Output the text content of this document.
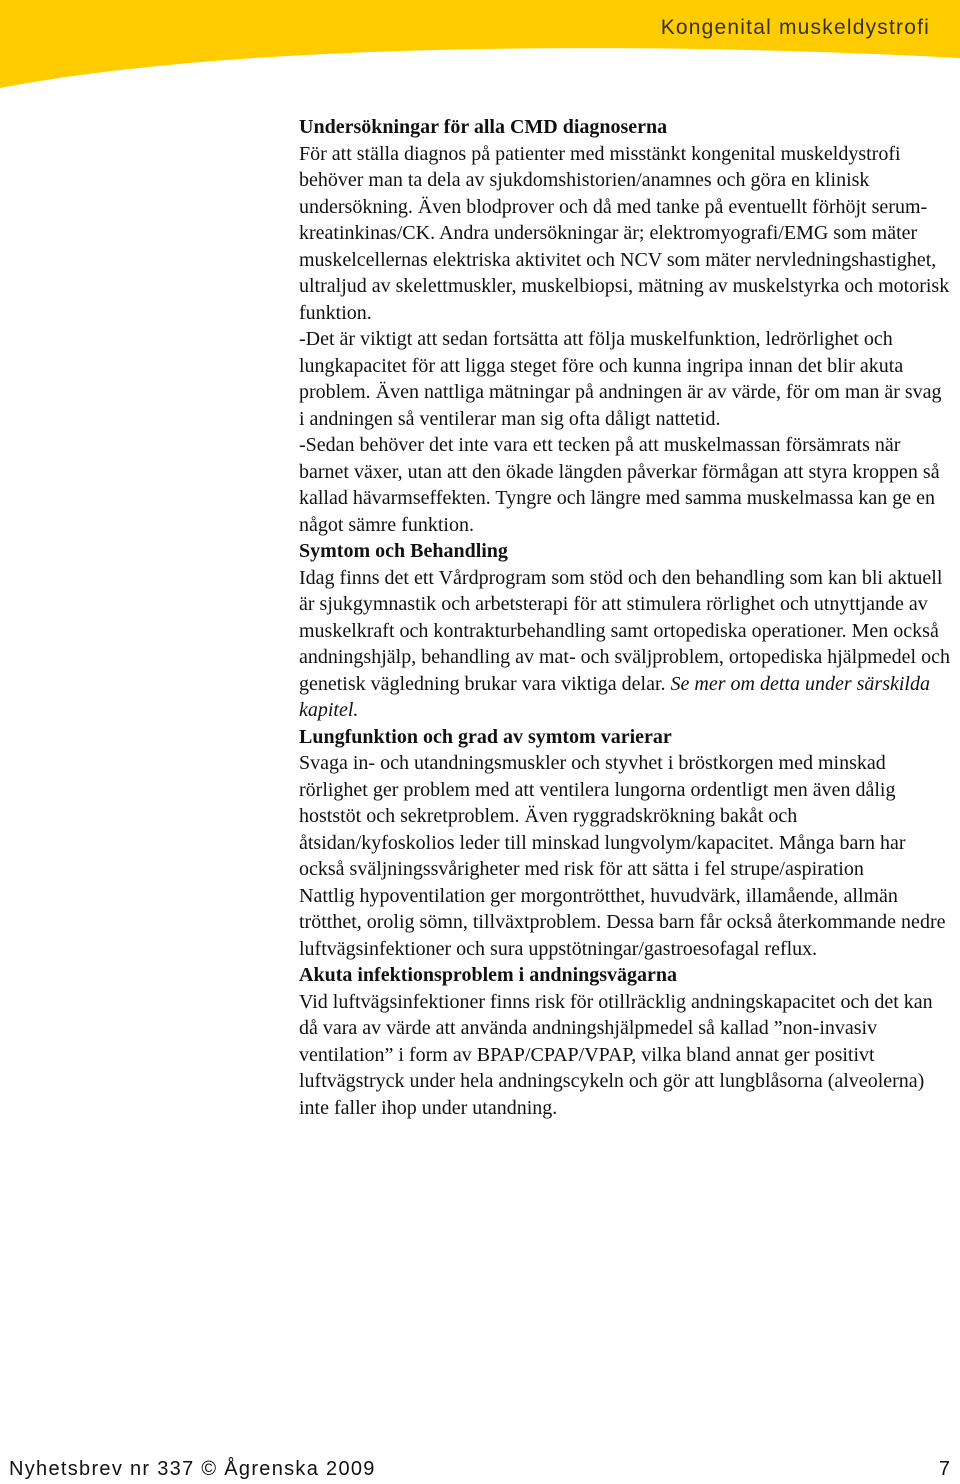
Kongenital muskeldystrofi
Undersökningar för alla CMD diagnoserna

För att ställa diagnos på patienter med misstänkt kongenital muskeldystrofi behöver man ta dela av sjukdomshistorien/anamnes och göra en klinisk undersökning. Även blodprover och då med tanke på eventuellt förhöjt serum-kreatinkinas/CK. Andra undersökningar är; elektromyografi/EMG som mäter muskelcellernas elektriska aktivitet och NCV som mäter nervledningshastighet, ultraljud av skelettmuskler, muskelbiopsi, mätning av muskelstyrka och motorisk funktion.

-Det är viktigt att sedan fortsätta att följa muskelfunktion, ledrörlighet och lungkapacitet för att ligga steget före och kunna ingripa innan det blir akuta problem. Även nattliga mätningar på andningen är av värde, för om man är svag i andningen så ventilerar man sig ofta dåligt nattetid.

-Sedan behöver det inte vara ett tecken på att muskelmassan försämrats när barnet växer, utan att den ökade längden påverkar förmågan att styra kroppen så kallad hävarmseffekten. Tyngre och längre med samma muskelmassa kan ge en något sämre funktion.

Symtom och Behandling

Idag finns det ett Vårdprogram som stöd och den behandling som kan bli aktuell är sjukgymnastik och arbetsterapi för att stimulera rörlighet och utnyttjande av muskelkraft och kontrakturbehandling samt ortopediska operationer. Men också andningshjälp, behandling av mat- och sväljproblem, ortopediska hjälpmedel och genetisk vägledning brukar vara viktiga delar. Se mer om detta under särskilda kapitel.

Lungfunktion och grad av symtom varierar

Svaga in- och utandningsmuskler och styvhet i bröstkorgen med minskad rörlighet ger problem med att ventilera lungorna ordentligt men även dålig hoststöt och sekretproblem. Även ryggradskrökning bakåt och åtsidan/kyfoskolios leder till minskad lungvolym/kapacitet. Många barn har också sväljningssvårigheter med risk för att sätta i fel strupe/aspiration

Nattlig hypoventilation ger morgontrötthet, huvudvärk, illamående, allmän trötthet, orolig sömn, tillväxtproblem. Dessa barn får också återkommande nedre luftvägsinfektioner och sura uppstötningar/gastroesofagal reflux.

Akuta infektionsproblem i andningsvägarna

Vid luftvägsinfektioner finns risk för otillräcklig andningskapacitet och det kan då vara av värde att använda andningshjälpmedel så kallad ”non-invasiv ventilation” i form av BPAP/CPAP/VPAP, vilka bland annat ger positivt luftvägstryck under hela andningscykeln och gör att lungblåsorna (alveolerna) inte faller ihop under utandning.

Nyhetsbrev nr 337 © Ågrenska 2009	7
